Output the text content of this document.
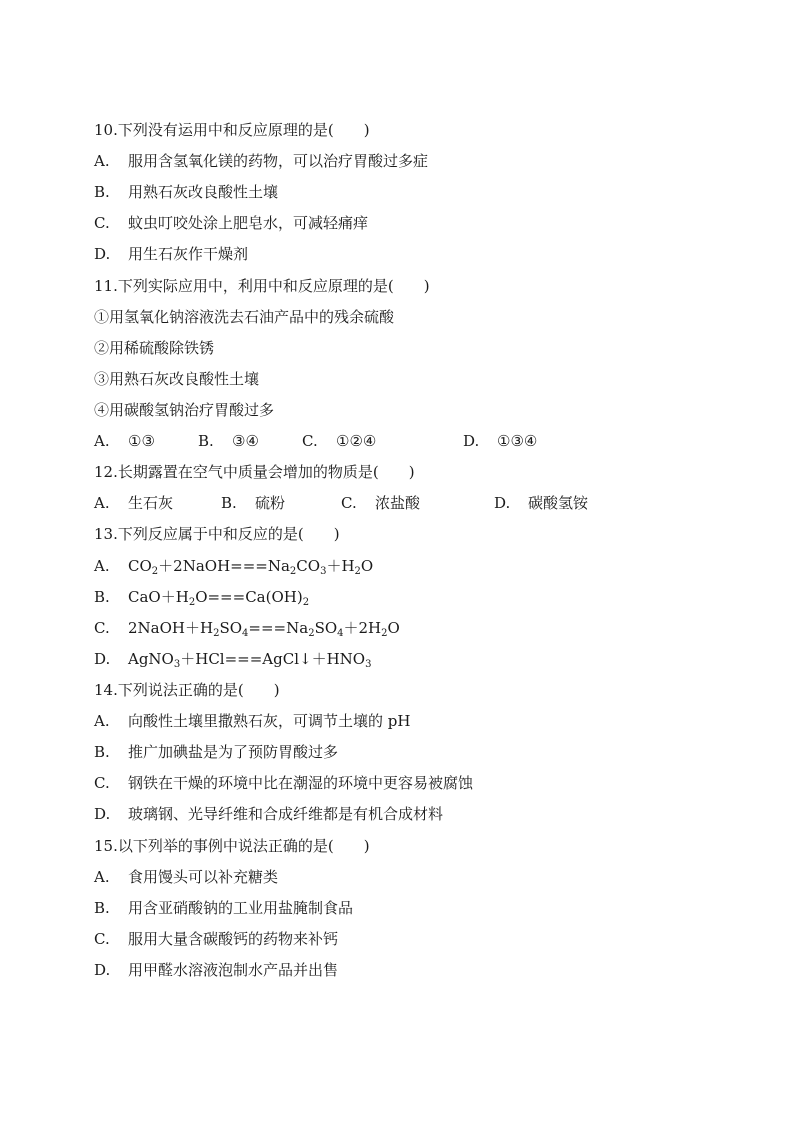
10.下列没有运用中和反应原理的是(　　)
A. 服用含氢氧化镁的药物，可以治疗胃酸过多症
B. 用熟石灰改良酸性土壤
C. 蚊虫叮咬处涂上肥皂水，可减轻痛痒
D. 用生石灰作干燥剂
11.下列实际应用中，利用中和反应原理的是(　　)
①用氢氧化钠溶液洗去石油产品中的残余硫酸
②用稀硫酸除铁锈
③用熟石灰改良酸性土壤
④用碳酸氢钠治疗胃酸过多
A. ①③	B. ③④	C. ①②④	D. ①③④
12.长期露置在空气中质量会增加的物质是(　　)
A. 生石灰	B. 硫粉	C. 浓盐酸	D. 碳酸氢铵
13.下列反应属于中和反应的是(　　)
A. $CO_2+2NaOH===Na_2CO_3+H_2O$
B. $CaO+H_2O===Ca(OH)_2$
C. $2NaOH+H_2SO_4===Na_2SO_4+2H_2O$
D. $AgNO_3+HCl===AgCl↓+HNO_3$
14.下列说法正确的是(　　)
A. 向酸性土壤里撒熟石灰，可调节土壤的 pH
B. 推广加碘盐是为了预防胃酸过多
C. 钢铁在干燥的环境中比在潮湿的环境中更容易被腐蚀
D. 玻璃钢、光导纤维和合成纤维都是有机合成材料
15.以下列举的事例中说法正确的是(　　)
A. 食用馒头可以补充糖类
B. 用含亚硝酸钠的工业用盐腌制食品
C. 服用大量含碳酸钙的药物来补钙
D. 用甲醛水溶液泡制水产品并出售
